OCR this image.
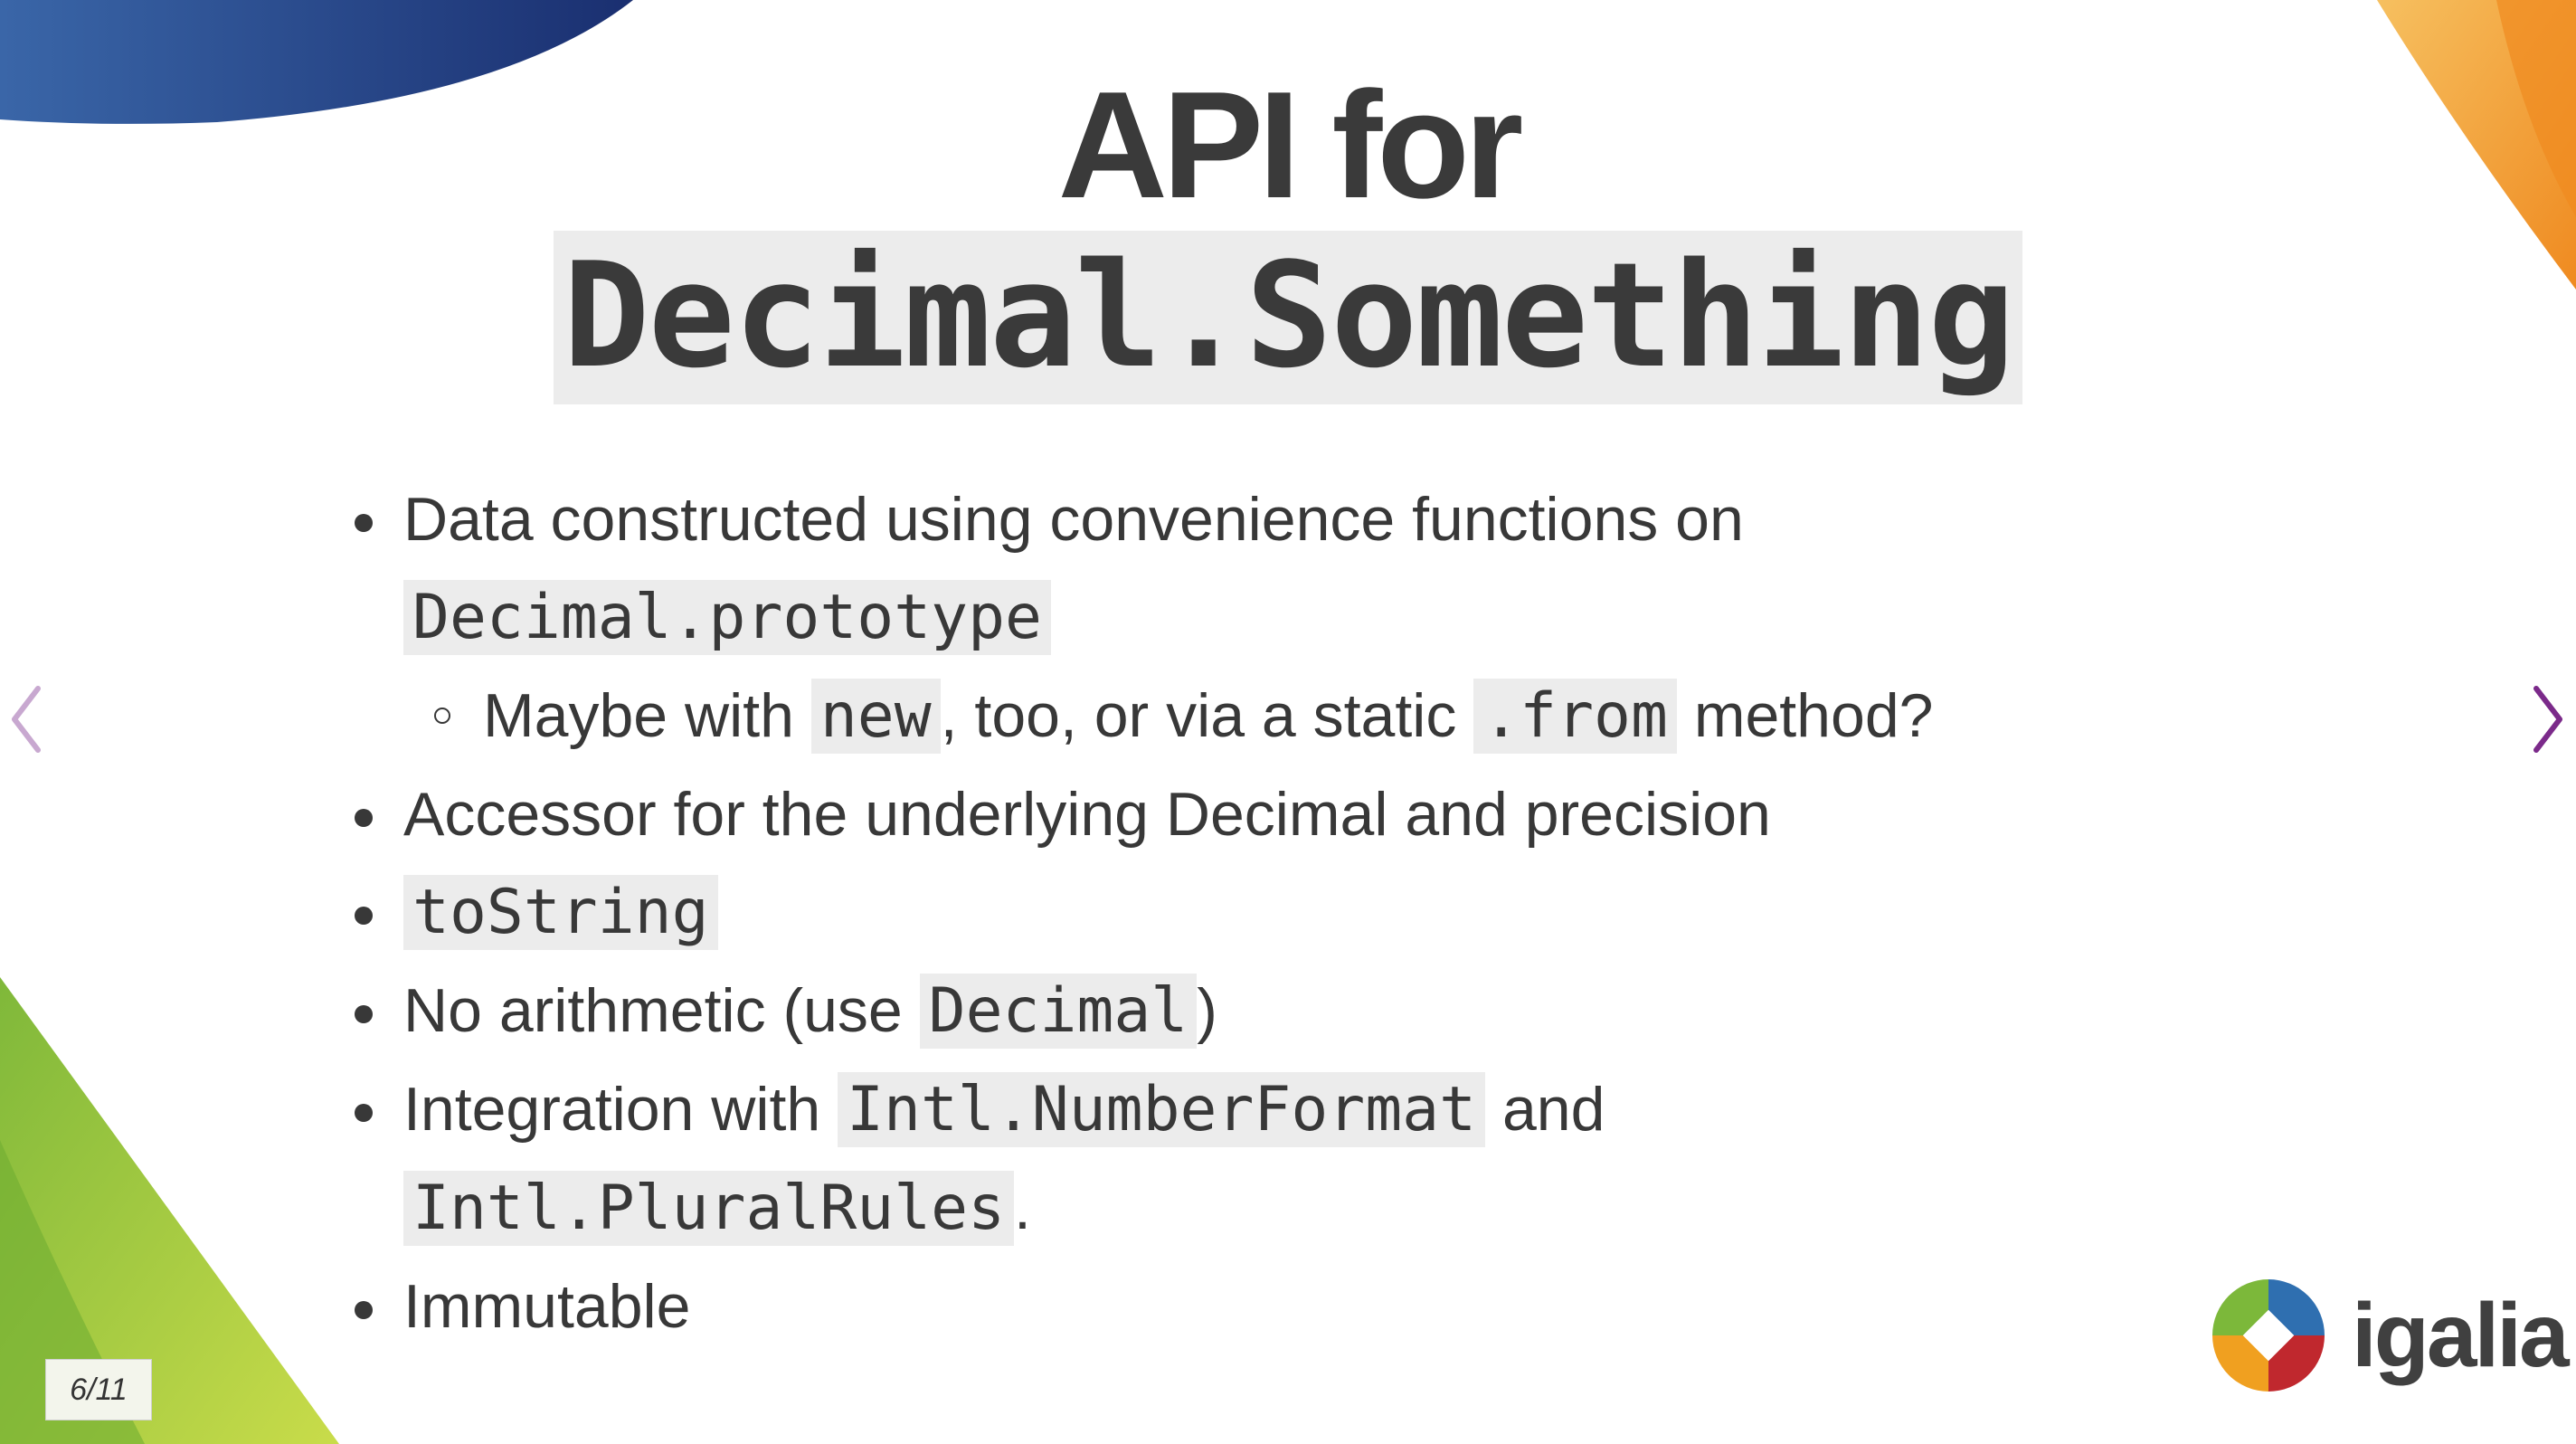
API for
Decimal.Something
Data constructed using convenience functions on
Decimal.prototype
Maybe with new , too, or via a static .from method?
Accessor for the underlying Decimal and precision
toString
No arithmetic (use Decimal )
Integration with Intl.NumberFormat and
Intl.PluralRules .
Immutable
6/11
igalia
